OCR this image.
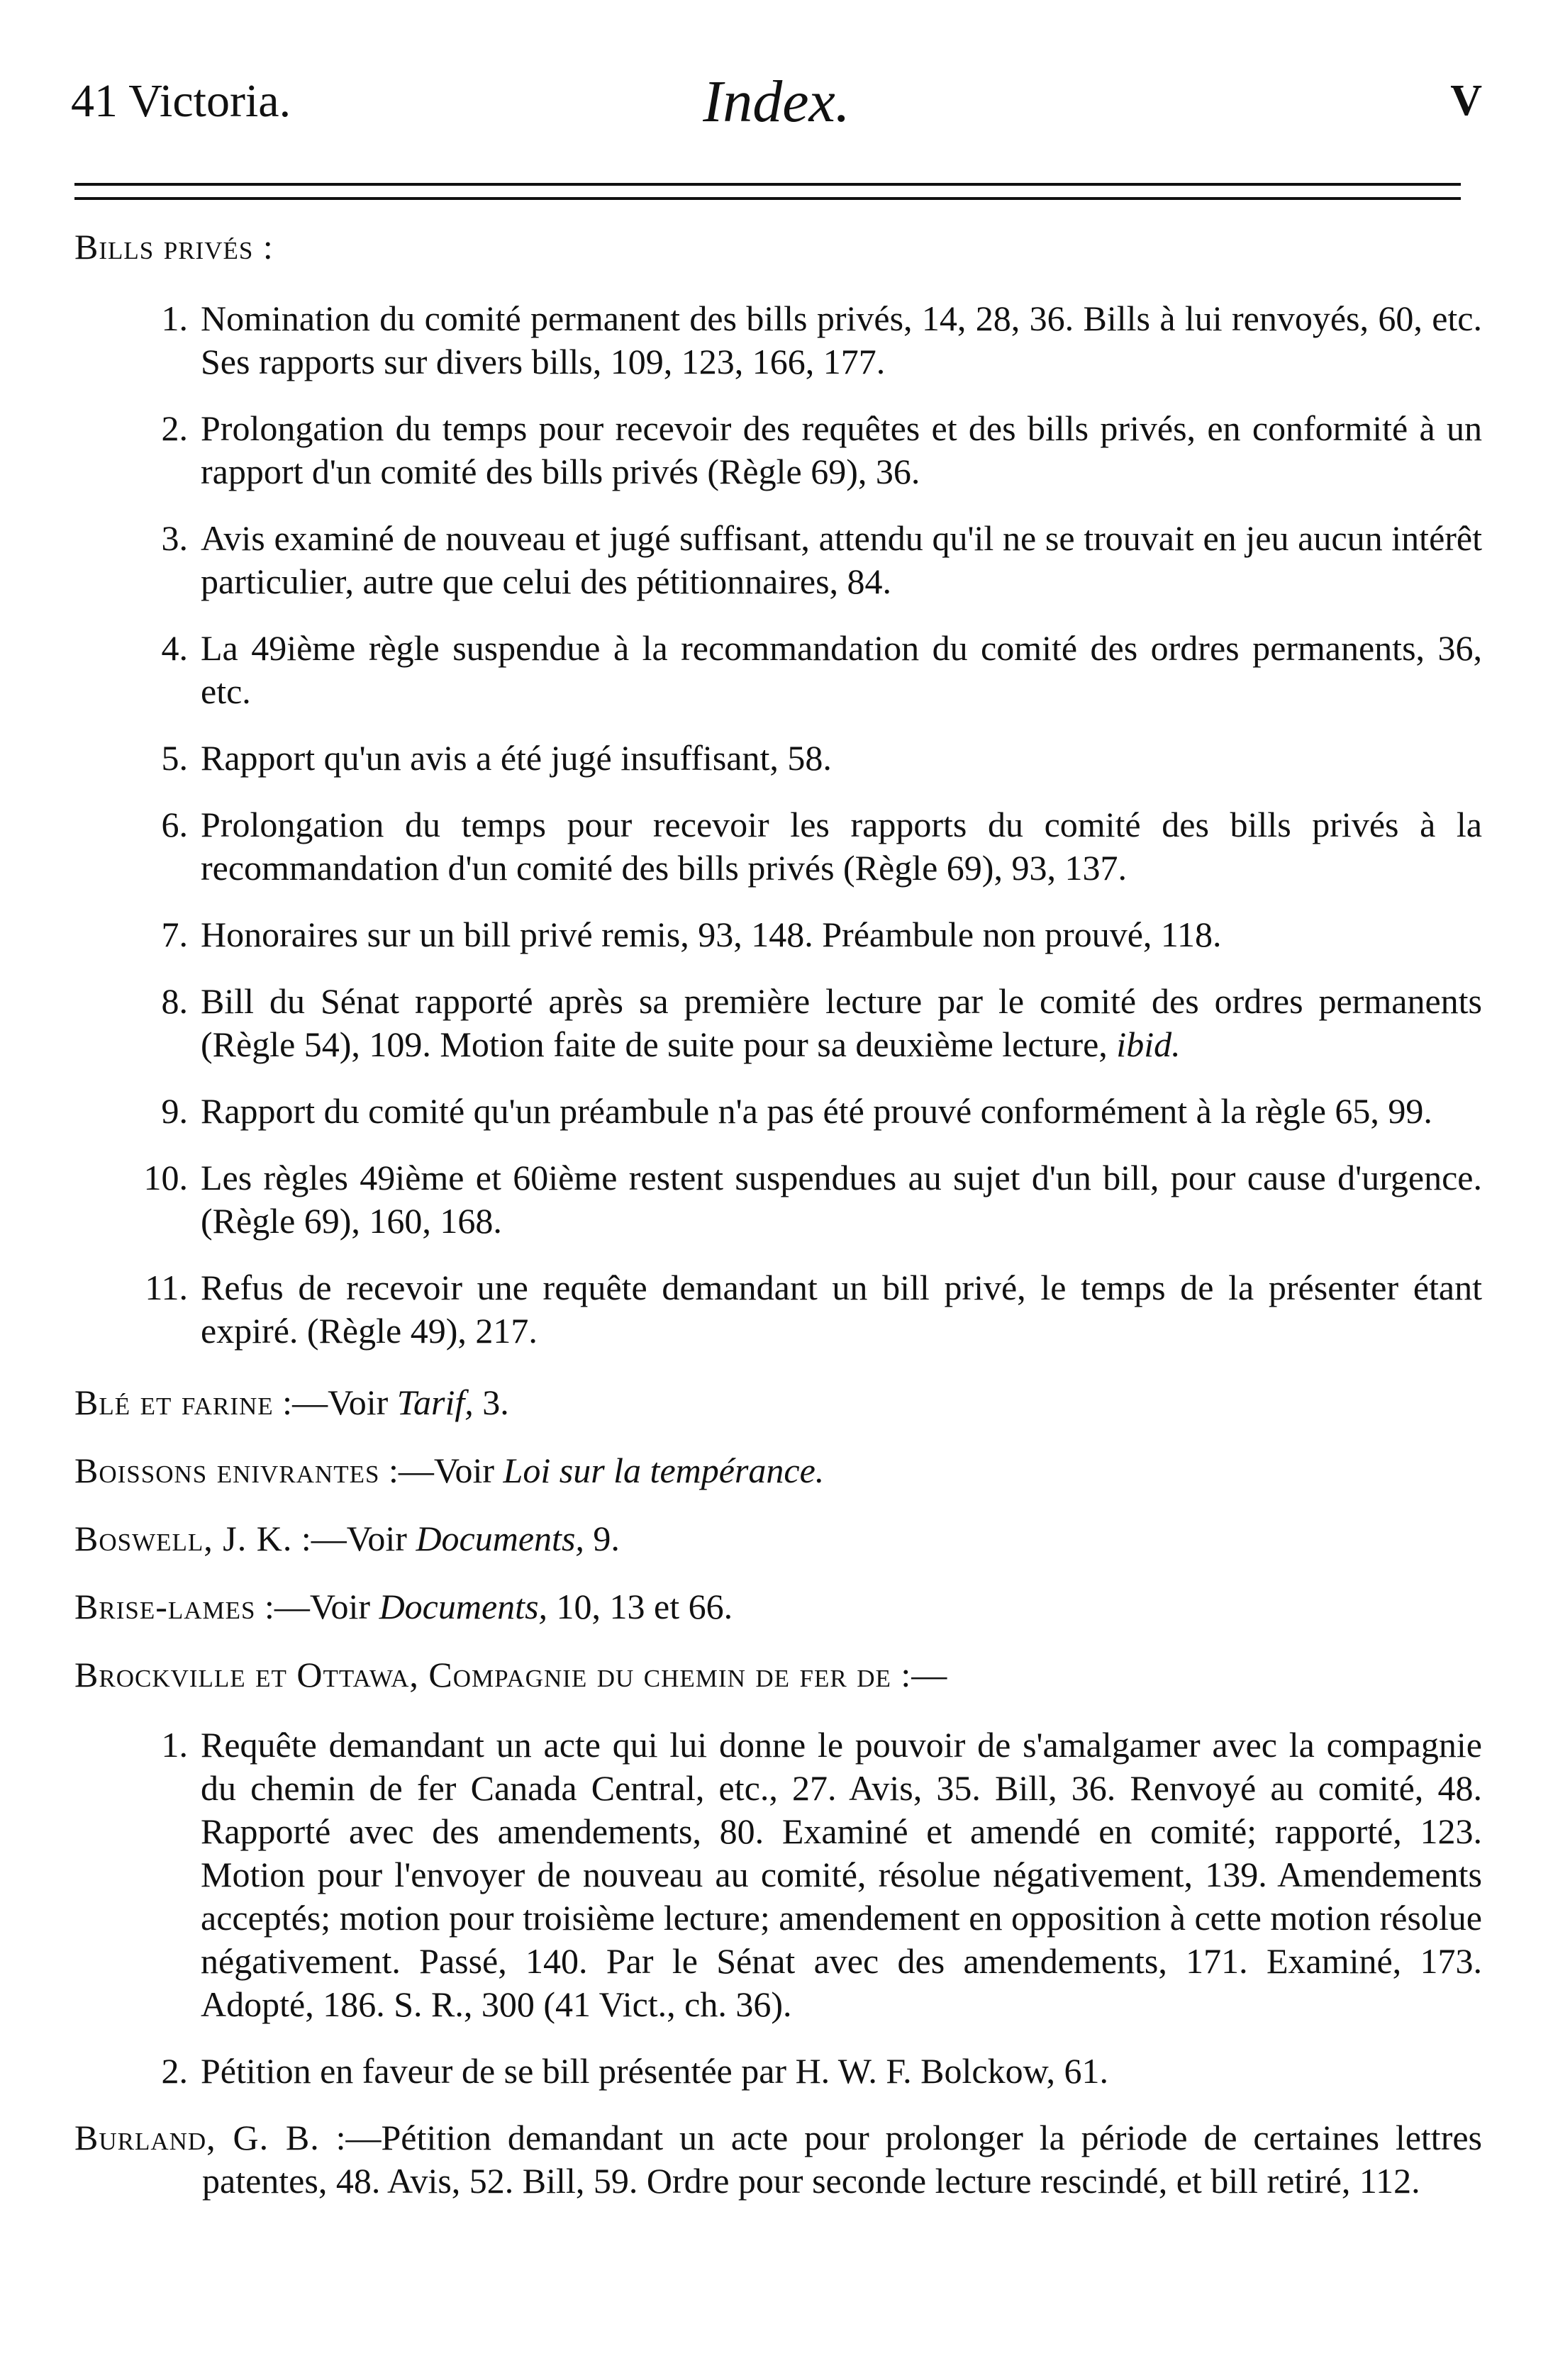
41 Victoria.	Index.	V
Bills privés :
1. Nomination du comité permanent des bills privés, 14, 28, 36. Bills à lui renvoyés, 60, etc. Ses rapports sur divers bills, 109, 123, 166, 177.
2. Prolongation du temps pour recevoir des requêtes et des bills privés, en conformité à un rapport d'un comité des bills privés (Règle 69), 36.
3. Avis examiné de nouveau et jugé suffisant, attendu qu'il ne se trouvait en jeu aucun intérêt particulier, autre que celui des pétitionnaires, 84.
4. La 49ième règle suspendue à la recommandation du comité des ordres permanents, 36, etc.
5. Rapport qu'un avis a été jugé insuffisant, 58.
6. Prolongation du temps pour recevoir les rapports du comité des bills privés à la recommandation d'un comité des bills privés (Règle 69), 93, 137.
7. Honoraires sur un bill privé remis, 93, 148. Préambule non prouvé, 118.
8. Bill du Sénat rapporté après sa première lecture par le comité des ordres permanents (Règle 54), 109. Motion faite de suite pour sa deuxième lecture, ibid.
9. Rapport du comité qu'un préambule n'a pas été prouvé conformément à la règle 65, 99.
10. Les règles 49ième et 60ième restent suspendues au sujet d'un bill, pour cause d'urgence. (Règle 69), 160, 168.
11. Refus de recevoir une requête demandant un bill privé, le temps de la présenter étant expiré. (Règle 49), 217.
Blé et farine :—Voir Tarif, 3.
Boissons enivrantes :—Voir Loi sur la tempérance.
Boswell, J. K. :—Voir Documents, 9.
Brise-lames :—Voir Documents, 10, 13 et 66.
Brockville et Ottawa, Compagnie du chemin de fer de :—
1. Requête demandant un acte qui lui donne le pouvoir de s'amalgamer avec la compagnie du chemin de fer Canada Central, etc., 27. Avis, 35. Bill, 36. Renvoyé au comité, 48. Rapporté avec des amendements, 80. Examiné et amendé en comité; rapporté, 123. Motion pour l'envoyer de nouveau au comité, résolue négativement, 139. Amendements acceptés; motion pour troisième lecture; amendement en opposition à cette motion résolue négativement. Passé, 140. Par le Sénat avec des amendements, 171. Examiné, 173. Adopté, 186. S. R., 300 (41 Vict., ch. 36).
2. Pétition en faveur de se bill présentée par H. W. F. Bolckow, 61.
Burland, G. B. :—Pétition demandant un acte pour prolonger la période de certaines lettres patentes, 48. Avis, 52. Bill, 59. Ordre pour seconde lecture rescindé, et bill retiré, 112.
